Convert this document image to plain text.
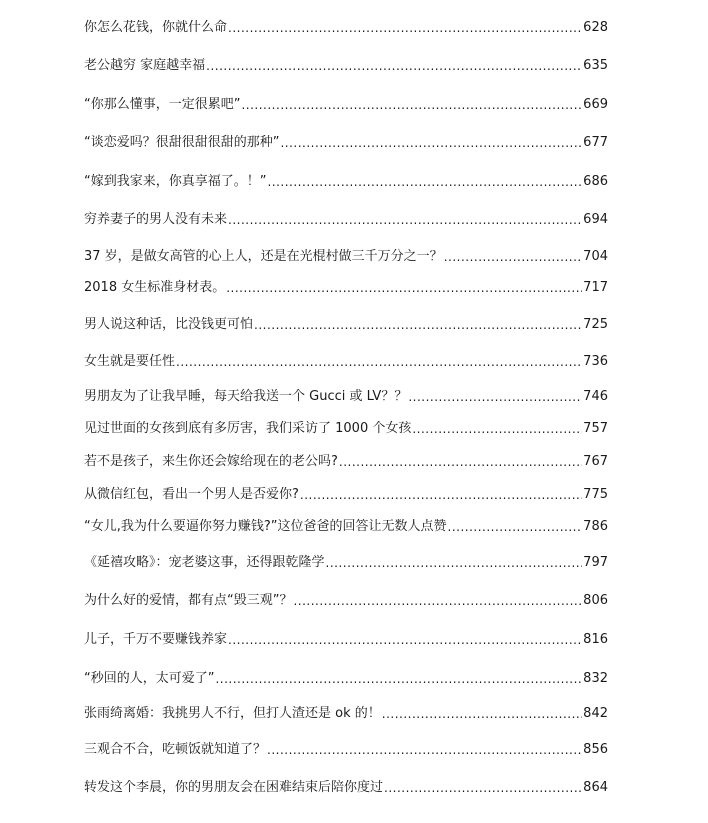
你怎么花钱，你就什么命 .....	628
老公越穷 家庭越幸福 .....	635
“你那么懂事，一定很累吧” .....	669
“谈恋爱吗？很甜很甜很甜的那种” .....	677
“嫁到我家来，你真享福了。！” .....	686
穷养妻子的男人没有未来 .....	694
37 岁，是做女高管的心上人，还是在光棍村做三千万分之一？ .....	704
2018 女生标准身材表。 .....	717
男人说这种话，比没钱更可怕 .....	725
女生就是要任性 .....	736
男朋友为了让我早睡，每天给我送一个 Gucci 或 LV？？ .....	746
见过世面的女孩到底有多厉害，我们采访了 1000 个女孩 .....	757
若不是孩子，来生你还会嫁给现在的老公吗? .....	767
从微信红包，看出一个男人是否爱你? .....	775
“女儿,我为什么要逼你努力赚钱?”这位爸爸的回答让无数人点赞 .....	786
《延禧攻略》：宠老婆这事，还得跟乾隆学 .....	797
为什么好的爱情，都有点“毁三观”？ .....	806
儿子，千万不要赚钱养家 .....	816
“秒回的人，太可爱了” .....	832
张雨绮离婚：我挑男人不行，但打人渣还是 ok 的！ .....	842
三观合不合，吃顿饭就知道了？ .....	856
转发这个李晨，你的男朋友会在困难结束后陪你度过 .....	864
